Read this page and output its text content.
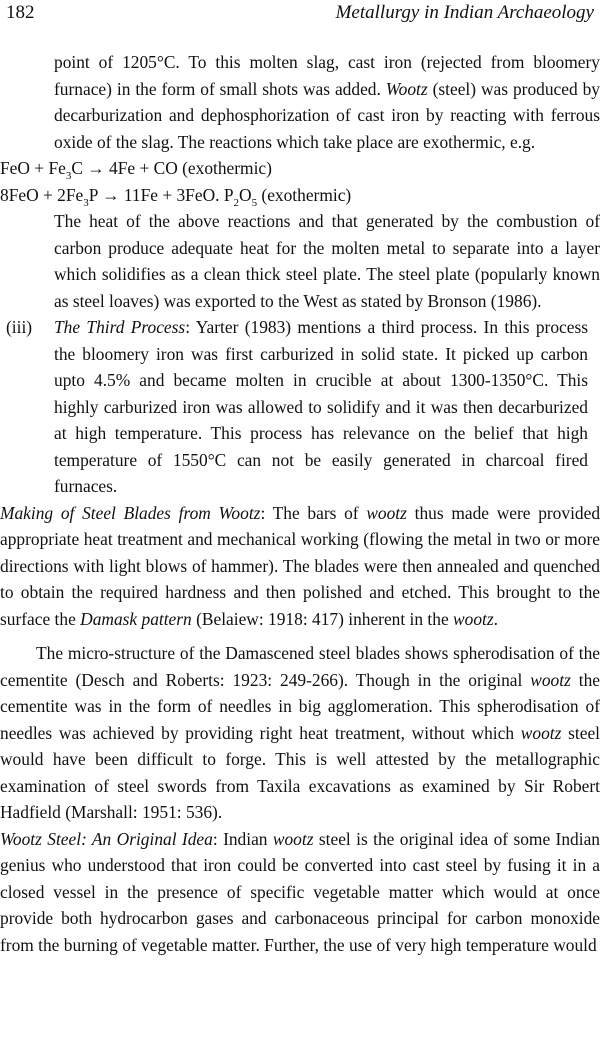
182	Metallurgy in Indian Archaeology

point of 1205°C. To this molten slag, cast iron (rejected from bloomery furnace) in the form of small shots was added. Wootz (steel) was produced by decarburization and dephosphorization of cast iron by reacting with ferrous oxide of the slag. The reactions which take place are exothermic, e.g.

FeO + $Fe_3C \to 4Fe$ + CO (exothermic)

$8FeO + 2Fe_3P \to 11Fe + 3FeO$. $P_2O_5$ (exothermic)

The heat of the above reactions and that generated by the combustion of carbon produce adequate heat for the molten metal to separate into a layer which solidifies as a clean thick steel plate. The steel plate (popularly known as steel loaves) was exported to the West as stated by Bronson (1986).

(iii) The Third Process: Yarter (1983) mentions a third process. In this process the bloomery iron was first carburized in solid state. It picked up carbon upto 4.5% and became molten in crucible at about 1300-1350°C. This highly carburized iron was allowed to solidify and it was then decarburized at high temperature. This process has relevance on the belief that high temperature of 1550°C can not be easily generated in charcoal fired furnaces.

Making of Steel Blades from Wootz: The bars of wootz thus made were provided appropriate heat treatment and mechanical working (flowing the metal in two or more directions with light blows of hammer). The blades were then annealed and quenched to obtain the required hardness and then polished and etched. This brought to the surface the Damask pattern (Belaiew: 1918: 417) inherent in the wootz.

The micro-structure of the Damascened steel blades shows spherodisation of the cementite (Desch and Roberts: 1923: 249-266). Though in the original wootz the cementite was in the form of needles in big agglomeration. This spherodisation of needles was achieved by providing right heat treatment, without which wootz steel would have been difficult to forge. This is well attested by the metallographic examination of steel swords from Taxila excavations as examined by Sir Robert Hadfield (Marshall: 1951: 536).

Wootz Steel: An Original Idea: Indian wootz steel is the original idea of some Indian genius who understood that iron could be converted into cast steel by fusing it in a closed vessel in the presence of specific vegetable matter which would at once provide both hydrocarbon gases and carbonaceous principal for carbon monoxide from the burning of vegetable matter. Further, the use of very high temperature would
